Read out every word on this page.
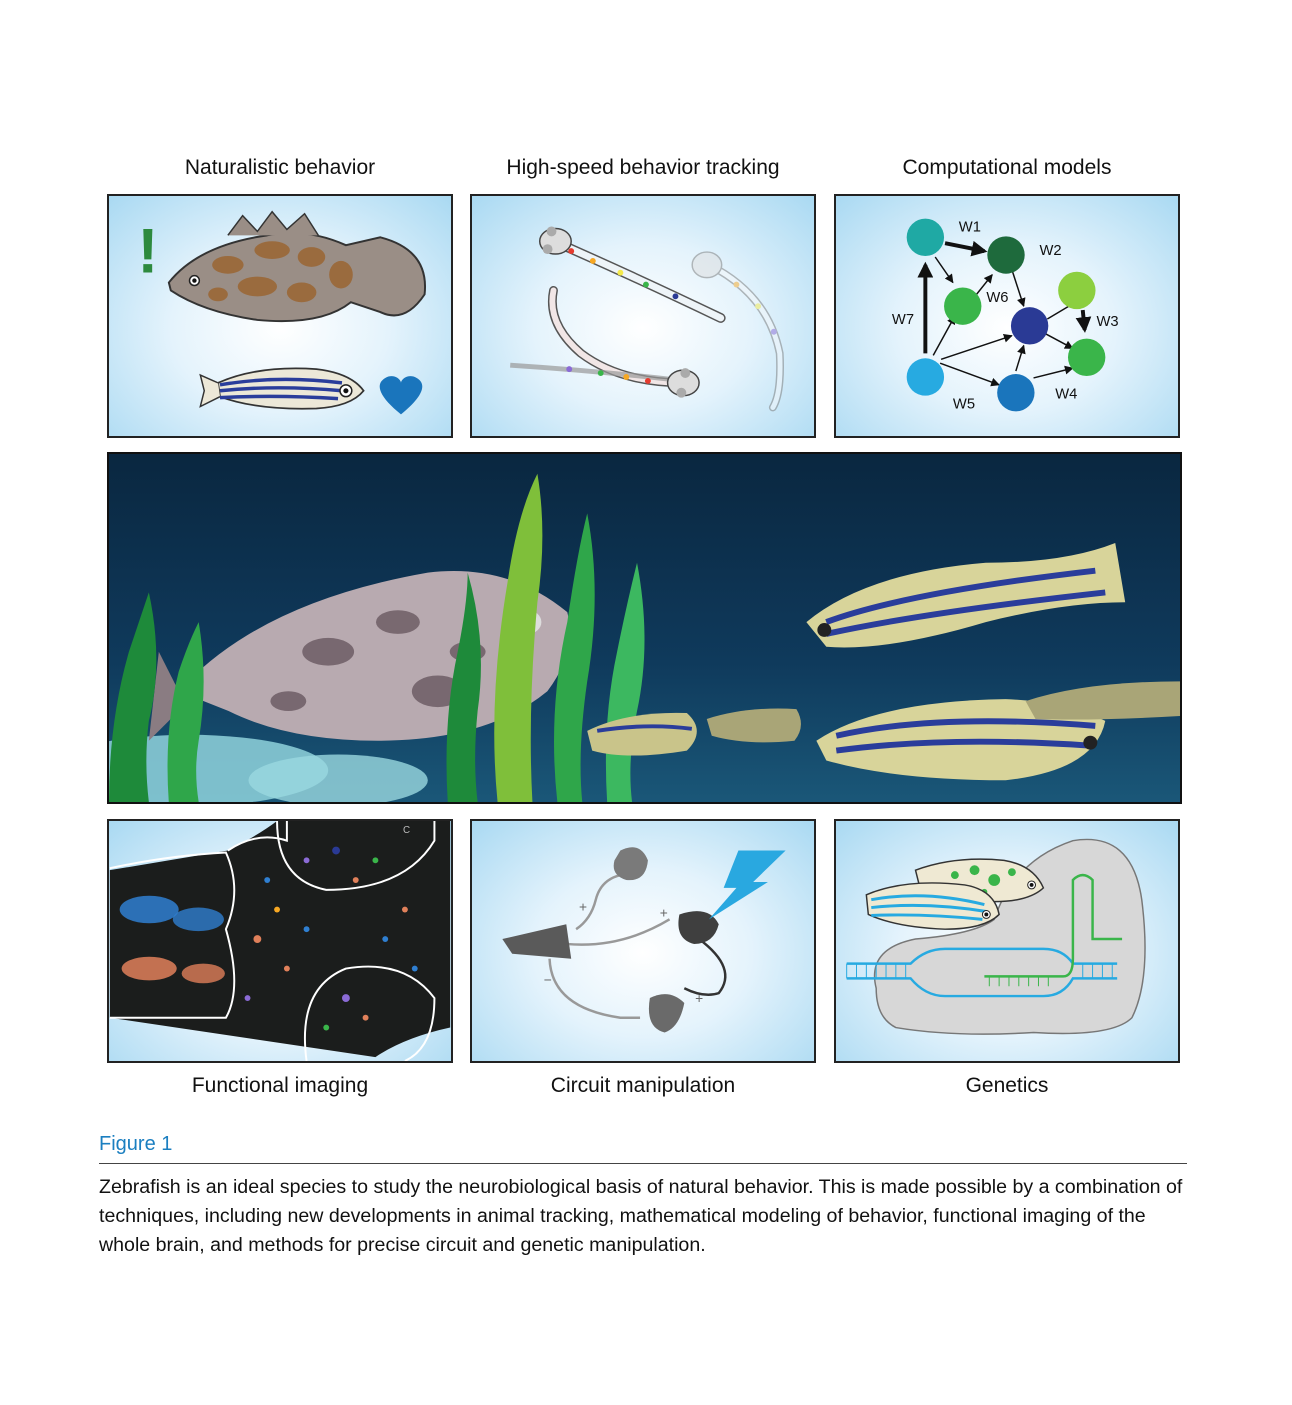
Naturalistic behavior	High-speed behavior tracking	Computational models
!	W1
W2
W3
W4
W5
W6
W7
C
+	+
+
−
Functional imaging	Circuit manipulation	Genetics
Figure 1
Zebrafish is an ideal species to study the neurobiological basis of natural behavior. This is made possible by a combination of techniques, including new developments in animal tracking, mathematical modeling of behavior, functional imaging of the whole brain, and methods for precise circuit and genetic manipulation.
